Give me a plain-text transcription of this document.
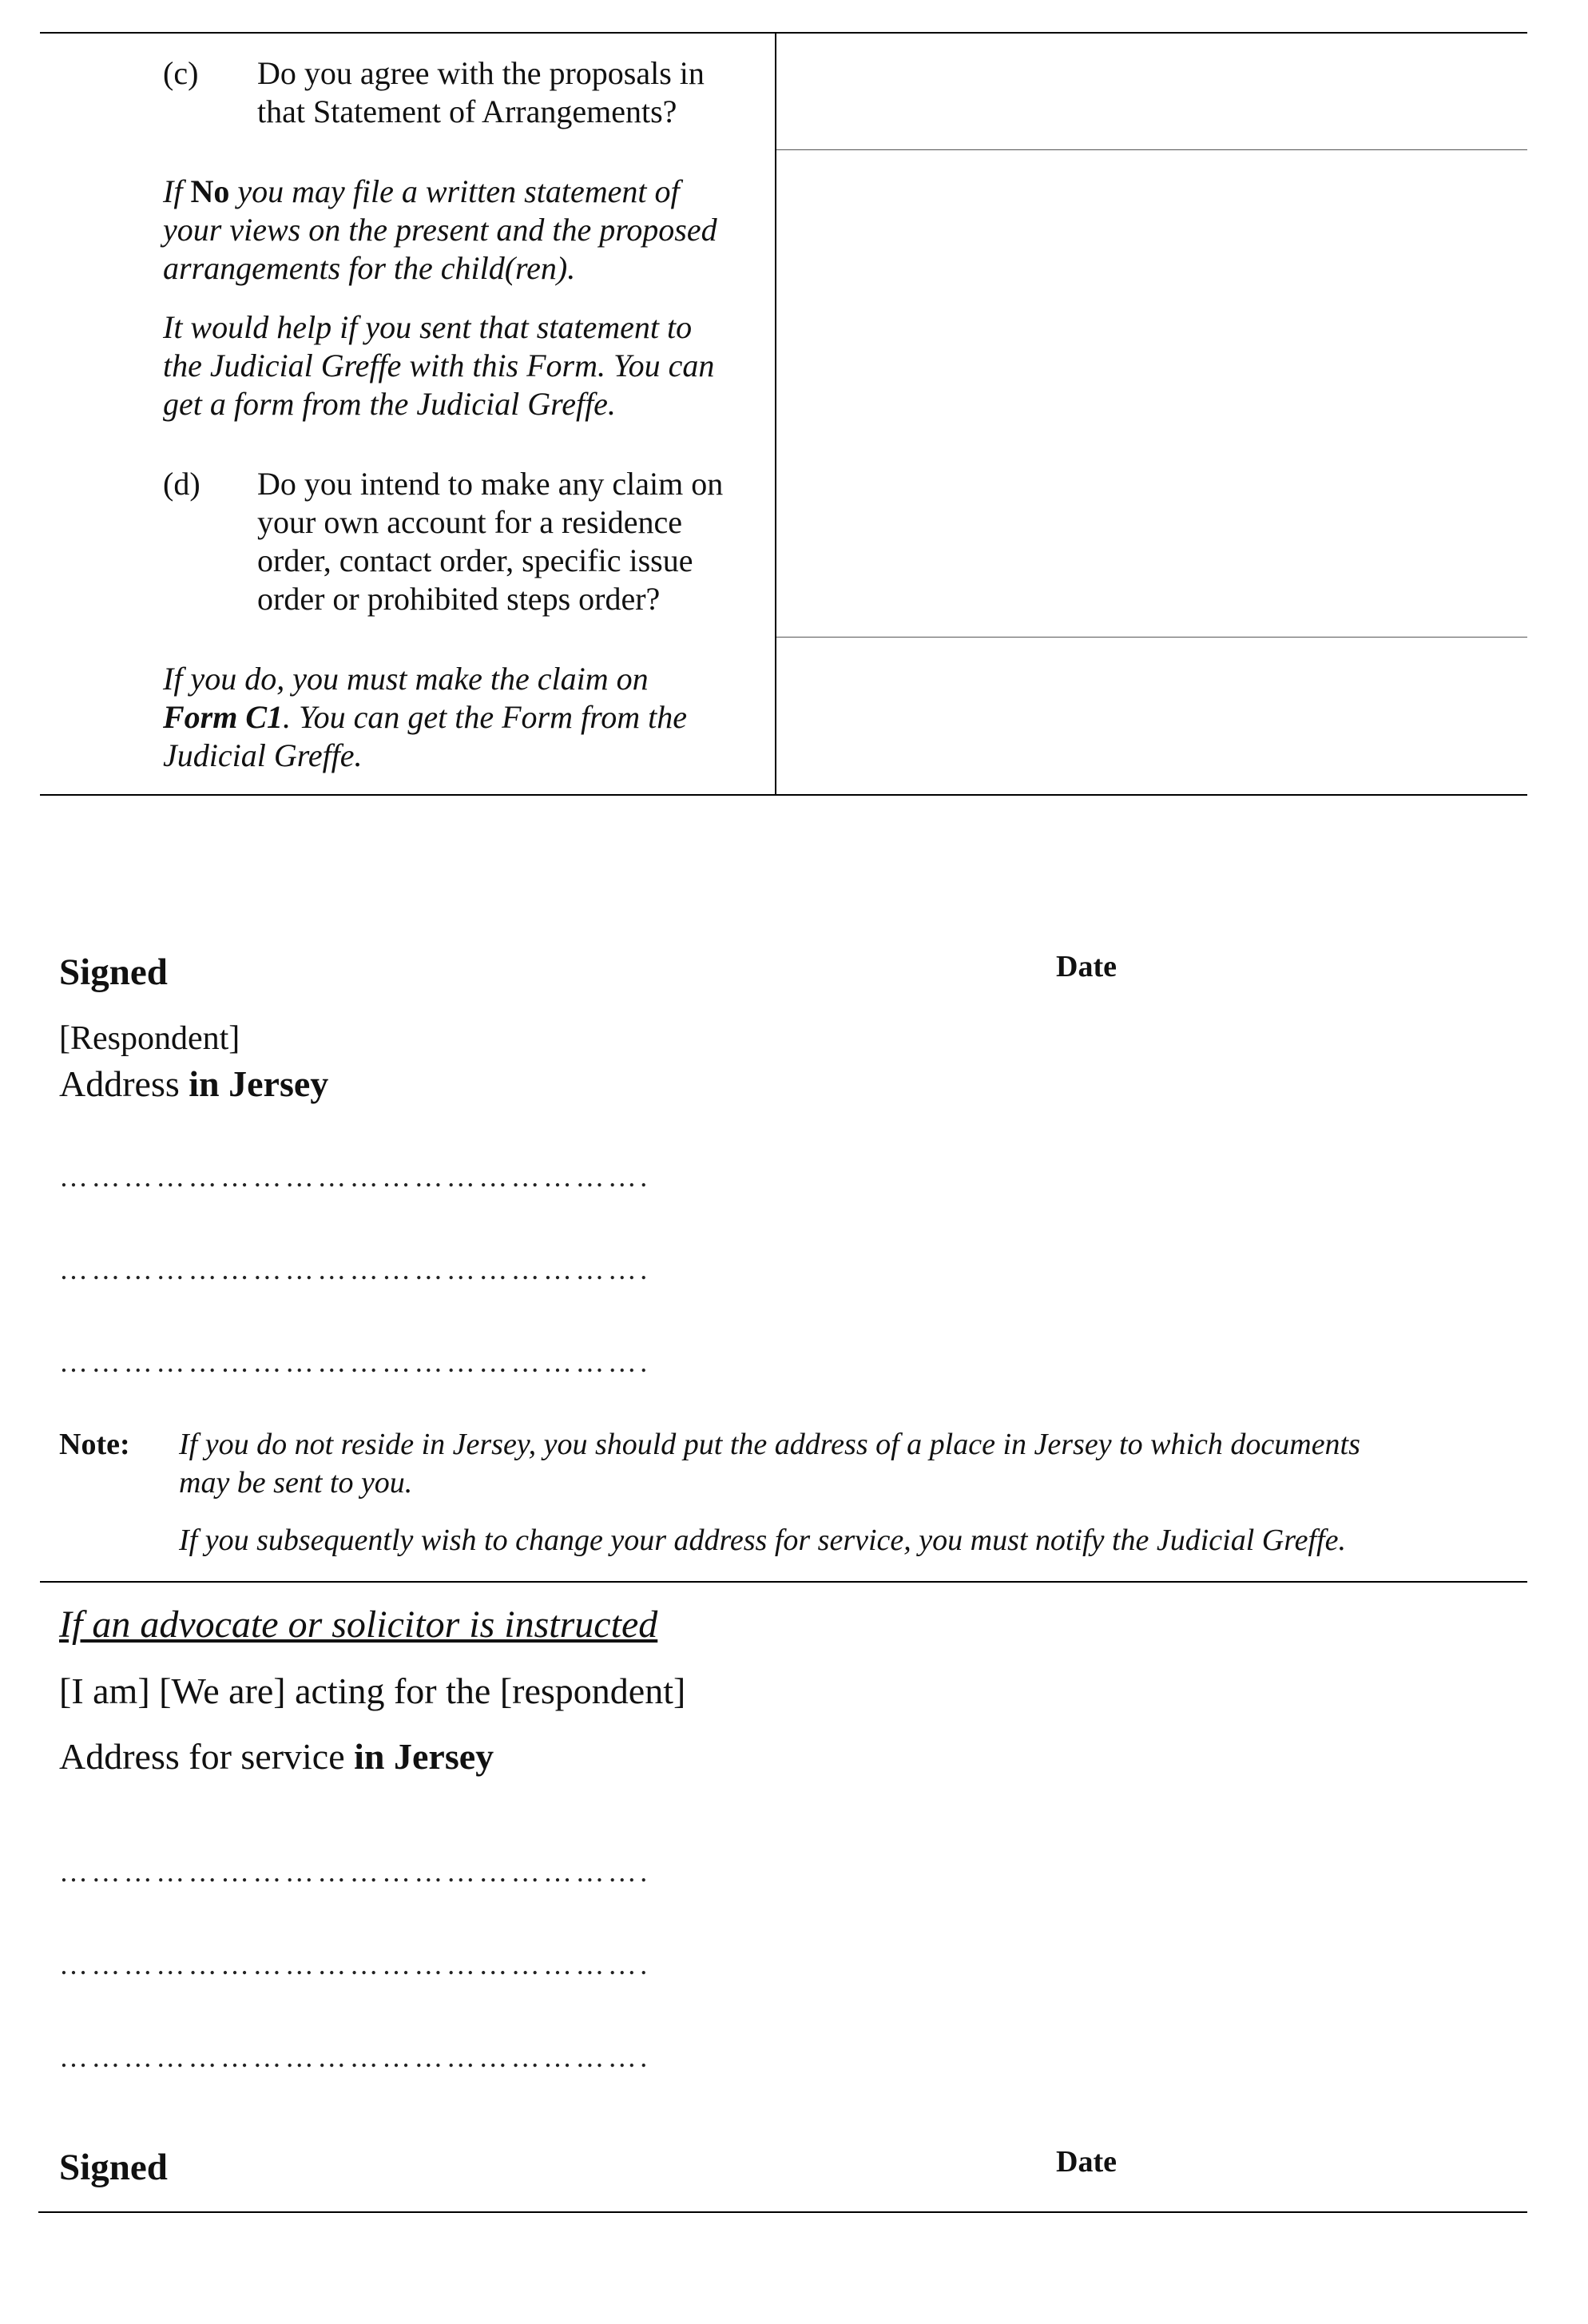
(c) Do you agree with the proposals in
that Statement of Arrangements?
If No you may file a written statement of
your views on the present and the proposed
arrangements for the child(ren).
It would help if you sent that statement to
the Judicial Greffe with this Form. You can
get a form from the Judicial Greffe.
(d) Do you intend to make any claim on
your own account for a residence
order, contact order, specific issue
order or prohibited steps order?
If you do, you must make the claim on
Form C1. You can get the Form from the
Judicial Greffe.
Signed	Date
[Respondent]
Address in Jersey
……………………………………………….
……………………………………………….
……………………………………………….
Note: If you do not reside in Jersey, you should put the address of a place in Jersey to which documents
may be sent to you.
If you subsequently wish to change your address for service, you must notify the Judicial Greffe.
If an advocate or solicitor is instructed
[I am] [We are] acting for the [respondent]
Address for service in Jersey
……………………………………………….
……………………………………………….
……………………………………………….
Signed	Date
